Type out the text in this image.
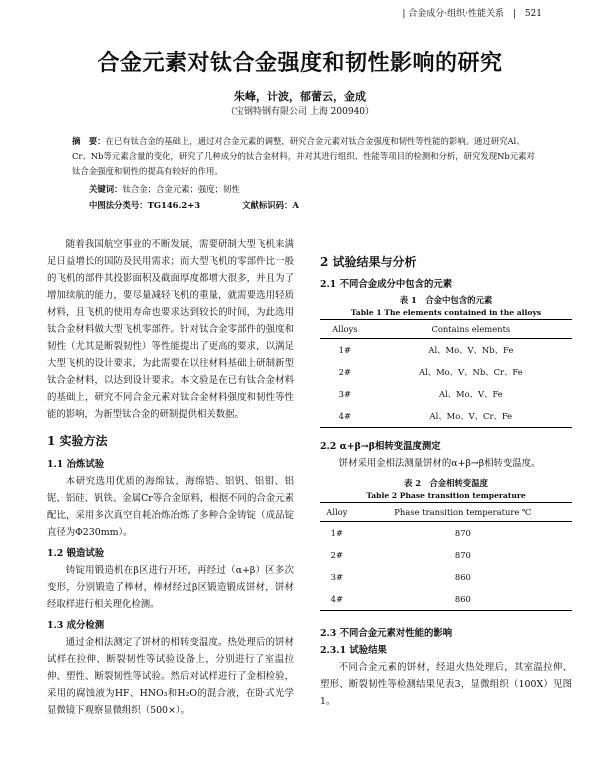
| 合金成分·组织·性能关系 | 521
合金元素对钛合金强度和韧性影响的研究
朱峰，计波，郁蕾云，金成
（宝钢特钢有限公司 上海 200940）
摘　要：在已有钛合金的基础上，通过对合金元素的调整，研究合金元素对钛合金强度和韧性等性能的影响。通过研究Al、Cr、Nb等元素含量的变化，研究了几种成分的钛合金材料，并对其进行组织、性能等项目的检测和分析，研究发现Nb元素对钛合金强度和韧性的提高有较好的作用。
关键词：钛合金；合金元素；强度；韧性
中图法分类号：TG146.2+3	文献标识码：A

随着我国航空事业的不断发展，需要研制大型飞机来满足日益增长的国防及民用需求；而大型飞机的零部件比一般的飞机的部件其投影面积及截面厚度都增大很多，并且为了增加续航的能力，要尽量减轻飞机的重量，就需要选用轻质材料，且飞机的使用寿命也要求达到较长的时间，为此选用钛合金材料做大型飞机零部件。针对钛合金零部件的强度和韧性（尤其是断裂韧性）等性能提出了更高的要求，以满足大型飞机的设计要求，为此需要在以往材料基础上研制新型钛合金材料，以达到设计要求。本文验是在已有钛合金材料的基础上，研究不同合金元素对钛合金材料强度和韧性等性能的影响，为新型钛合金的研制提供相关数据。

1 实验方法

1.1 冶炼试验

本研究选用优质的海绵钛、海绵锆、铝钒、铝钼、铝铌、铝硅、钒铁、金属Cr等合金原料，根据不同的合金元素配比，采用多次真空自耗冶炼冶炼了多种合金铸锭（成品锭直径为Φ230mm）。

1.2 锻造试验

铸锭用锻造机在β区进行开坯，再经过（α+β）区多次变形，分别锻造了棒材，棒材经过β区锻造锻成饼材，饼材经取样进行相关理化检测。

1.3 成分检测

通过金相法测定了饼材的相转变温度。热处理后的饼材试样在拉伸、断裂韧性等试验设备上，分别进行了室温拉伸、塑性、断裂韧性等试验。然后对试样进行了金相检验，采用的腐蚀液为HF、HNO₃和H₂O的混合液，在卧式光学显微镜下观察显微组织（500×）。

2 试验结果与分析

2.1 不同合金成分中包含的元素

表 1　合金中包含的元素
Table 1 The elements contained in the alloys
Alloys	Contains elements
1#	Al、Mo、V、Nb、Fe
2#	Al、Mo、V、Nb、Cr、Fe
3#	Al、Mo、V、Fe
4#	Al、Mo、V、Cr、Fe

2.2 α+β→β相转变温度测定

饼材采用金相法测量饼材的α+β→β相转变温度。

表 2　合金相转变温度
Table 2 Phase transition temperature
Alloy	Phase transition temperature ℃
1#	870
2#	870
3#	860
4#	860

2.3 不同合金元素对性能的影响

2.3.1 试验结果

不同合金元素的饼材，经退火热处理后，其室温拉伸、塑形、断裂韧性等检测结果见表3，显微组织（100X）见图1。
